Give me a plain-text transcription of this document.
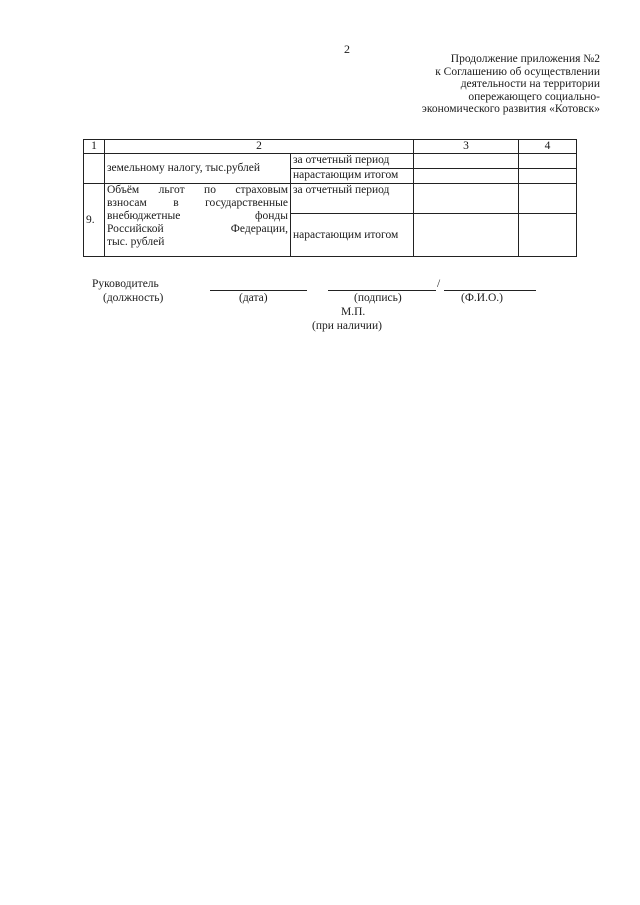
2
Продолжение приложения №2
к Соглашению об осуществлении
деятельности на территории
опережающего социально-
экономического развития «Котовск»
1	2		3	4
	земельному налогу, тыс.рублей	за отчетный период		
		нарастающим итогом		
9.	Объём льгот по страховым
взносам в государственные
внебюджетные фонды
Российской Федерации,
тыс. рублей	за отчетный период		
		нарастающим итогом		
Руководитель
(должность)	(дата)	(подпись)
/
(Ф.И.О.)
М.П.
(при наличии)
